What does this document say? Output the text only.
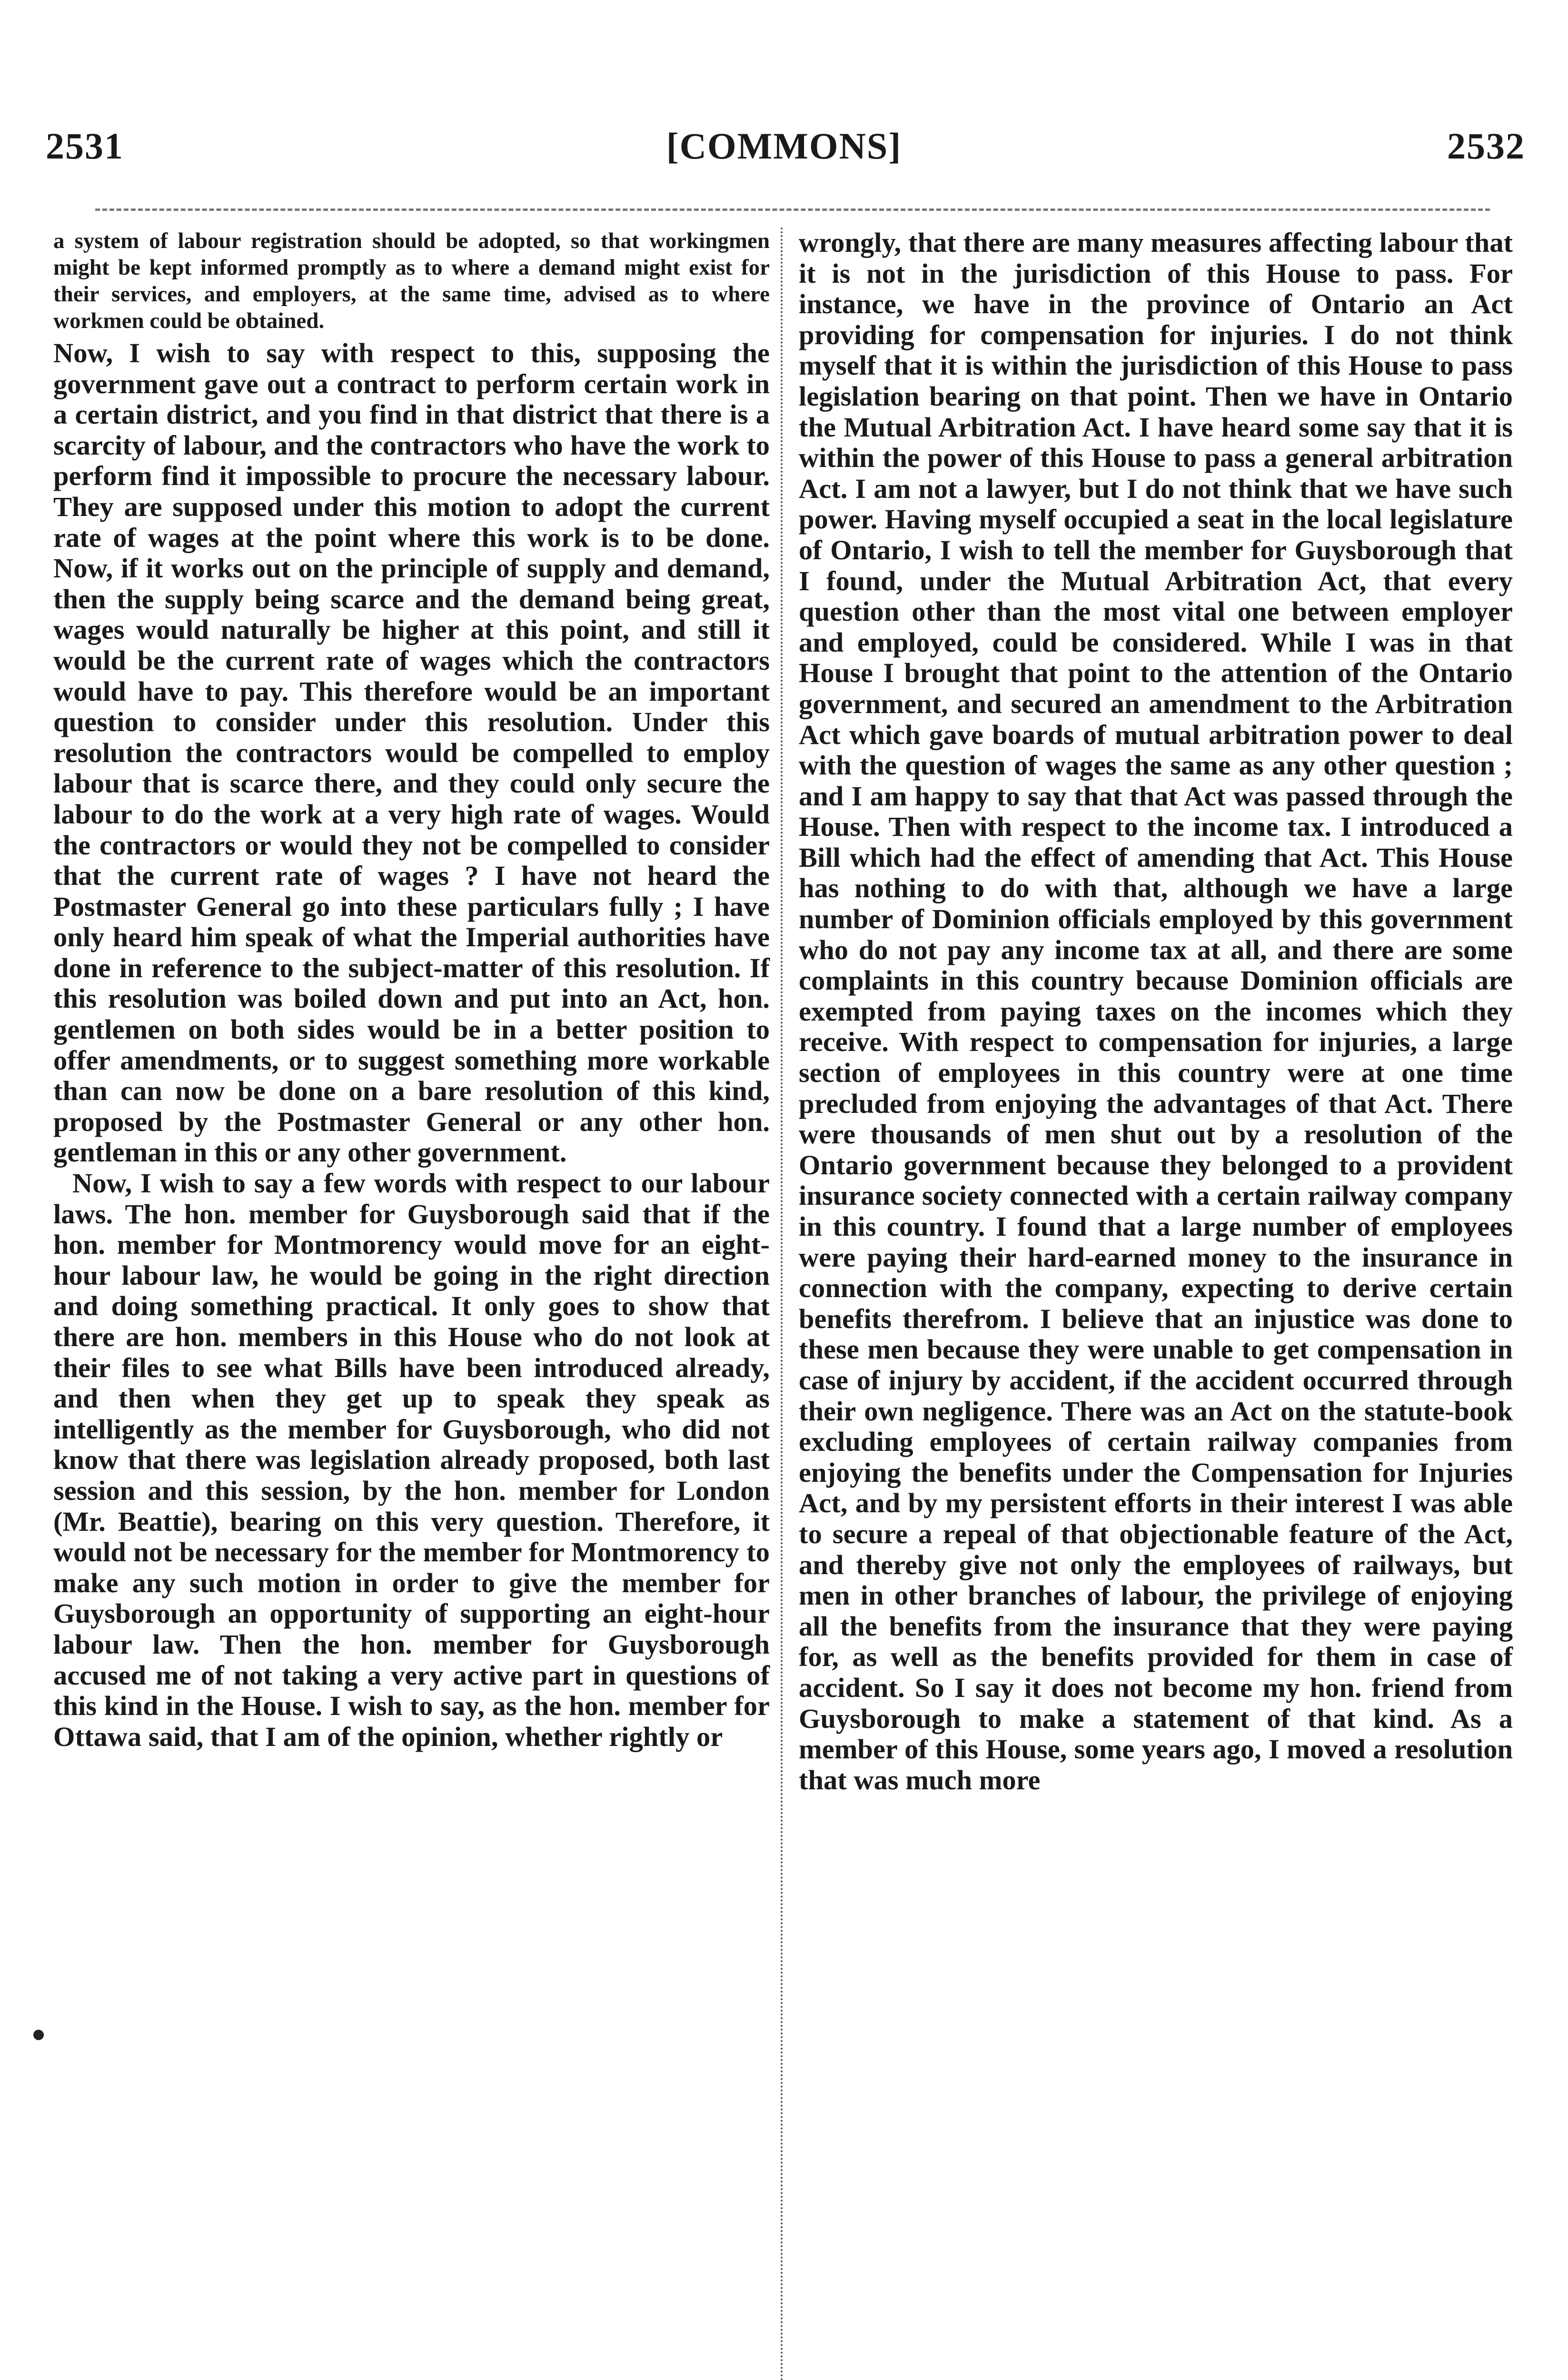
2531	[COMMONS]	2532

a system of labour registration should be adopted, so that workingmen might be kept informed promptly as to where a demand might exist for their services, and employers, at the same time, advised as to where workmen could be obtained.

Now, I wish to say with respect to this, supposing the government gave out a contract to perform certain work in a certain district, and you find in that district that there is a scarcity of labour, and the contractors who have the work to perform find it impossible to procure the necessary labour. They are supposed under this motion to adopt the current rate of wages at the point where this work is to be done. Now, if it works out on the principle of supply and demand, then the supply being scarce and the demand being great, wages would naturally be higher at this point, and still it would be the current rate of wages which the contractors would have to pay. This therefore would be an important question to consider under this resolution. Under this resolution the contractors would be compelled to employ labour that is scarce there, and they could only secure the labour to do the work at a very high rate of wages. Would the contractors or would they not be compelled to consider that the current rate of wages ? I have not heard the Postmaster General go into these particulars fully ; I have only heard him speak of what the Imperial authorities have done in reference to the subject-matter of this resolution. If this resolution was boiled down and put into an Act, hon. gentlemen on both sides would be in a better position to offer amendments, or to suggest something more workable than can now be done on a bare resolution of this kind, proposed by the Postmaster General or any other hon. gentleman in this or any other government.

Now, I wish to say a few words with respect to our labour laws. The hon. member for Guysborough said that if the hon. member for Montmorency would move for an eight-hour labour law, he would be going in the right direction and doing something practical. It only goes to show that there are hon. members in this House who do not look at their files to see what Bills have been introduced already, and then when they get up to speak they speak as intelligently as the member for Guysborough, who did not know that there was legislation already proposed, both last session and this session, by the hon. member for London (Mr. Beattie), bearing on this very question. Therefore, it would not be necessary for the member for Montmorency to make any such motion in order to give the member for Guysborough an opportunity of supporting an eight-hour labour law. Then the hon. member for Guysborough accused me of not taking a very active part in questions of this kind in the House. I wish to say, as the hon. member for Ottawa said, that I am of the opinion, whether rightly or

wrongly, that there are many measures affecting labour that it is not in the jurisdiction of this House to pass. For instance, we have in the province of Ontario an Act providing for compensation for injuries. I do not think myself that it is within the jurisdiction of this House to pass legislation bearing on that point. Then we have in Ontario the Mutual Arbitration Act. I have heard some say that it is within the power of this House to pass a general arbitration Act. I am not a lawyer, but I do not think that we have such power. Having myself occupied a seat in the local legislature of Ontario, I wish to tell the member for Guysborough that I found, under the Mutual Arbitration Act, that every question other than the most vital one between employer and employed, could be considered. While I was in that House I brought that point to the attention of the Ontario government, and secured an amendment to the Arbitration Act which gave boards of mutual arbitration power to deal with the question of wages the same as any other question ; and I am happy to say that that Act was passed through the House. Then with respect to the income tax. I introduced a Bill which had the effect of amending that Act. This House has nothing to do with that, although we have a large number of Dominion officials employed by this government who do not pay any income tax at all, and there are some complaints in this country because Dominion officials are exempted from paying taxes on the incomes which they receive. With respect to compensation for injuries, a large section of employees in this country were at one time precluded from enjoying the advantages of that Act. There were thousands of men shut out by a resolution of the Ontario government because they belonged to a provident insurance society connected with a certain railway company in this country. I found that a large number of employees were paying their hard-earned money to the insurance in connection with the company, expecting to derive certain benefits therefrom. I believe that an injustice was done to these men because they were unable to get compensation in case of injury by accident, if the accident occurred through their own negligence. There was an Act on the statute-book excluding employees of certain railway companies from enjoying the benefits under the Compensation for Injuries Act, and by my persistent efforts in their interest I was able to secure a repeal of that objectionable feature of the Act, and thereby give not only the employees of railways, but men in other branches of labour, the privilege of enjoying all the benefits from the insurance that they were paying for, as well as the benefits provided for them in case of accident. So I say it does not become my hon. friend from Guysborough to make a statement of that kind. As a member of this House, some years ago, I moved a resolution that was much more
